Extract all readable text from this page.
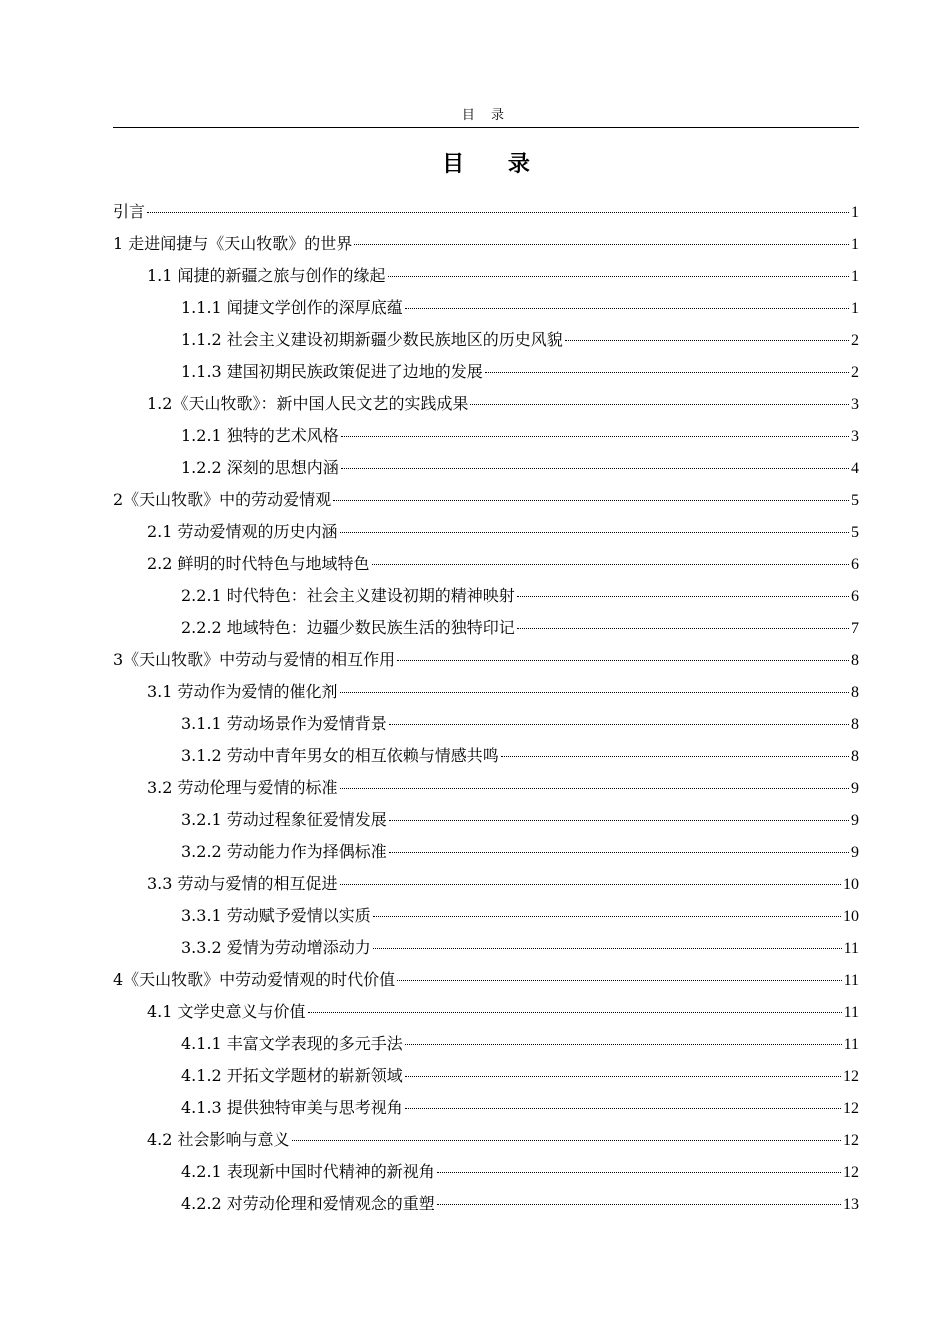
目 录
目 录
引言	1
1 走进闻捷与《天山牧歌》的世界	1
1.1 闻捷的新疆之旅与创作的缘起	1
1.1.1 闻捷文学创作的深厚底蕴	1
1.1.2 社会主义建设初期新疆少数民族地区的历史风貌	2
1.1.3 建国初期民族政策促进了边地的发展	2
1.2《天山牧歌》：新中国人民文艺的实践成果	3
1.2.1 独特的艺术风格	3
1.2.2 深刻的思想内涵	4
2《天山牧歌》中的劳动爱情观	5
2.1 劳动爱情观的历史内涵	5
2.2 鲜明的时代特色与地域特色	6
2.2.1 时代特色：社会主义建设初期的精神映射	6
2.2.2 地域特色：边疆少数民族生活的独特印记	7
3《天山牧歌》中劳动与爱情的相互作用	8
3.1 劳动作为爱情的催化剂	8
3.1.1 劳动场景作为爱情背景	8
3.1.2 劳动中青年男女的相互依赖与情感共鸣	8
3.2 劳动伦理与爱情的标准	9
3.2.1 劳动过程象征爱情发展	9
3.2.2 劳动能力作为择偶标准	9
3.3 劳动与爱情的相互促进	10
3.3.1 劳动赋予爱情以实质	10
3.3.2 爱情为劳动增添动力	11
4《天山牧歌》中劳动爱情观的时代价值	11
4.1 文学史意义与价值	11
4.1.1 丰富文学表现的多元手法	11
4.1.2 开拓文学题材的崭新领域	12
4.1.3 提供独特审美与思考视角	12
4.2 社会影响与意义	12
4.2.1 表现新中国时代精神的新视角	12
4.2.2 对劳动伦理和爱情观念的重塑	13
